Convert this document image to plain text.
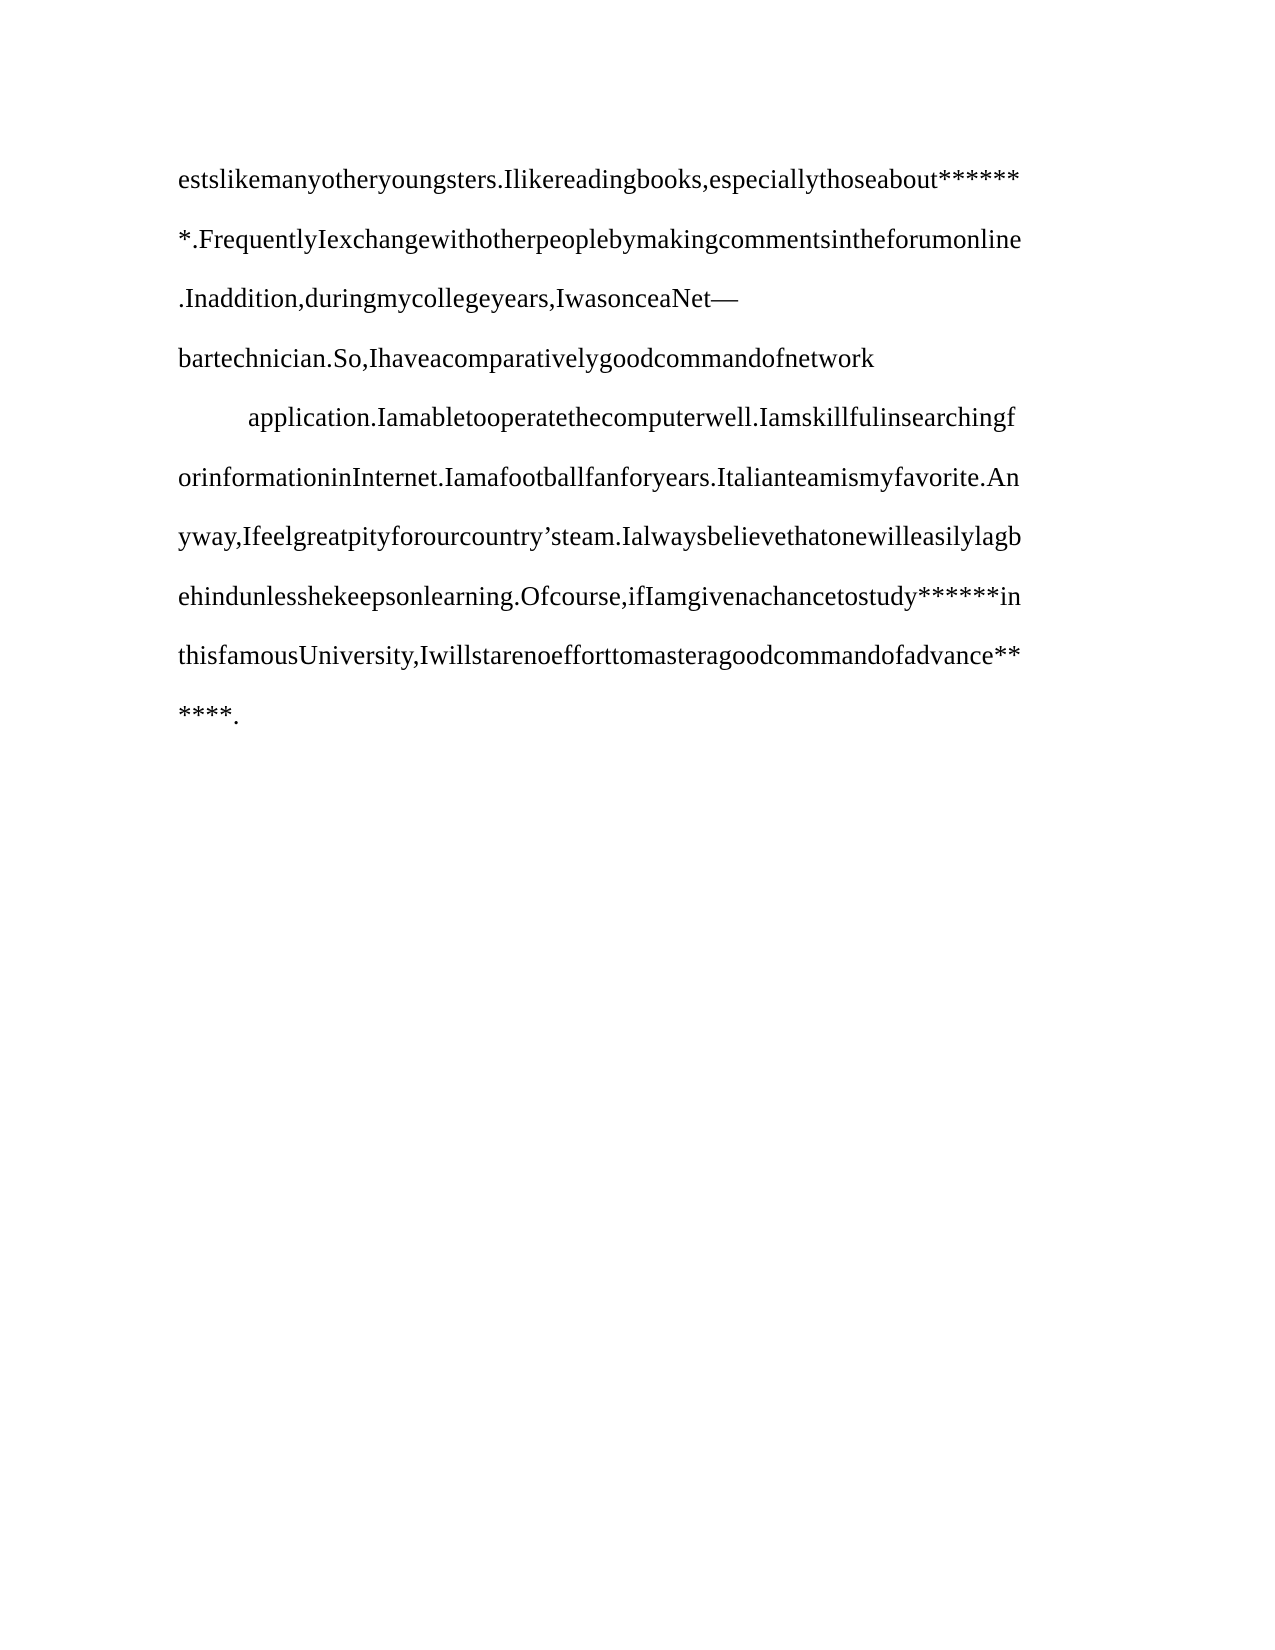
estslikemanyotheryoungsters.Ilikereadingbooks,especiallythoseabout******
*.FrequentlyIexchangewithotherpeoplebymakingcommentsintheforumonline
.Inaddition,duringmycollegeyears,IwasonceaNet—
bartechnician.So,Ihaveacomparativelygoodcommandofnetwork
application.Iamabletooperatethecomputerwell.Iamskillfulinsearchingf
orinformationinInternet.Iamafootballfanforyears.Italianteamismyfavorite.An
yway,Ifeelgreatpityforourcountry’steam.Ialwaysbelievethatonewilleasilylagb
ehindunlesshekeepsonlearning.Ofcourse,ifIamgivenachancetostudy******in
thisfamousUniversity,Iwillstarenoefforttomasteragoodcommandofadvance**
****.
